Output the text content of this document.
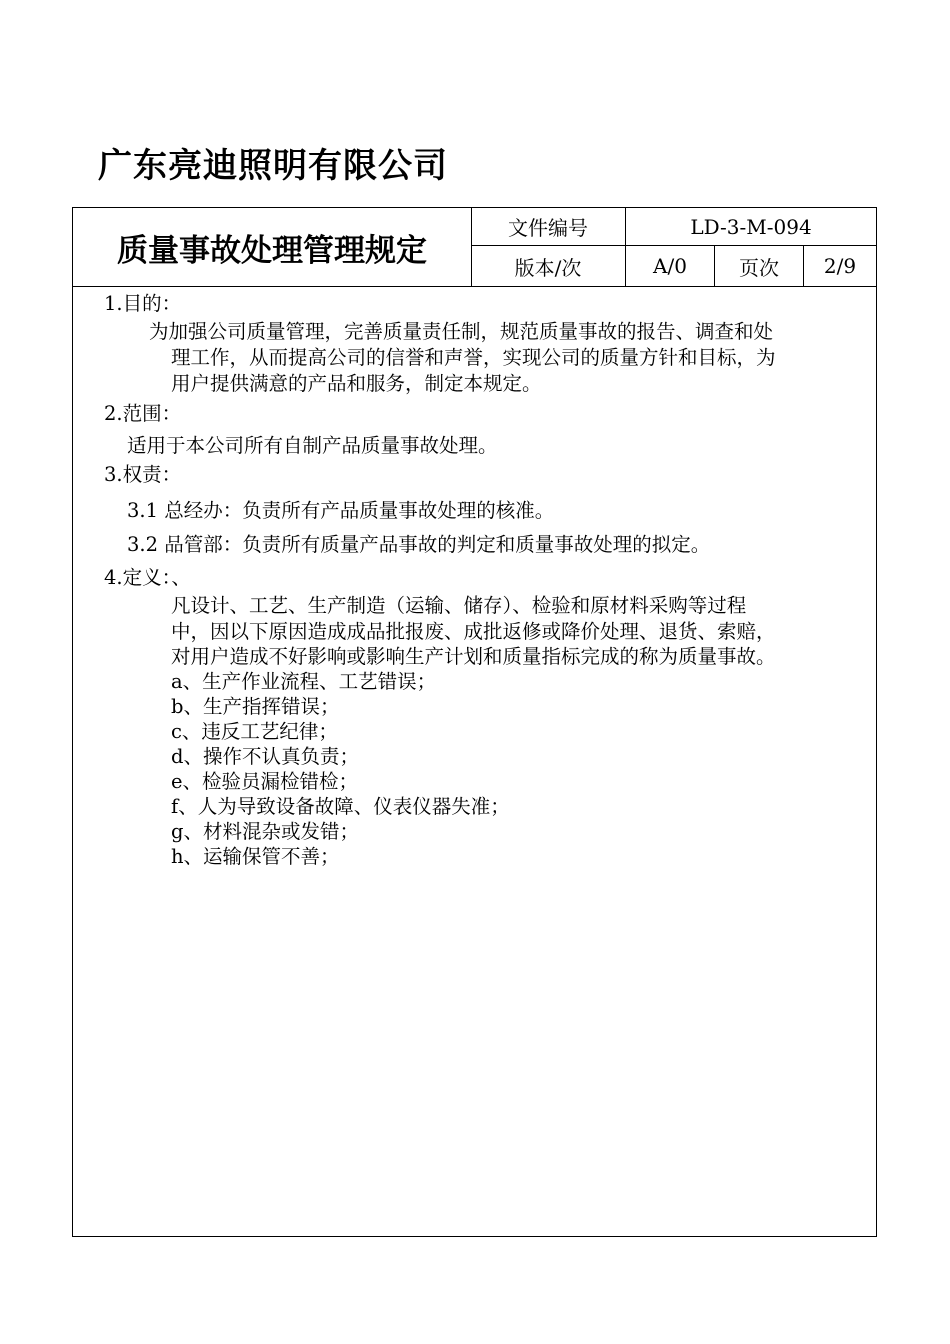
广东亮迪照明有限公司
质量事故处理管理规定
文件编号	LD-3-M-094
版本/次	A/0	页次	2/9
1.目的：
为加强公司质量管理，完善质量责任制，规范质量事故的报告、调查和处
理工作，从而提高公司的信誉和声誉，实现公司的质量方针和目标，为
用户提供满意的产品和服务，制定本规定。
2.范围：
适用于本公司所有自制产品质量事故处理。
3.权责：
3.1 总经办：负责所有产品质量事故处理的核准。
3.2 品管部：负责所有质量产品事故的判定和质量事故处理的拟定。
4.定义：、
凡设计、工艺、生产制造（运输、储存）、检验和原材料采购等过程
中，因以下原因造成成品批报废、成批返修或降价处理、退货、索赔，
对用户造成不好影响或影响生产计划和质量指标完成的称为质量事故。
a、生产作业流程、工艺错误；
b、生产指挥错误；
c、违反工艺纪律；
d、操作不认真负责；
e、检验员漏检错检；
f、人为导致设备故障、仪表仪器失准；
g、材料混杂或发错；
h、运输保管不善；
